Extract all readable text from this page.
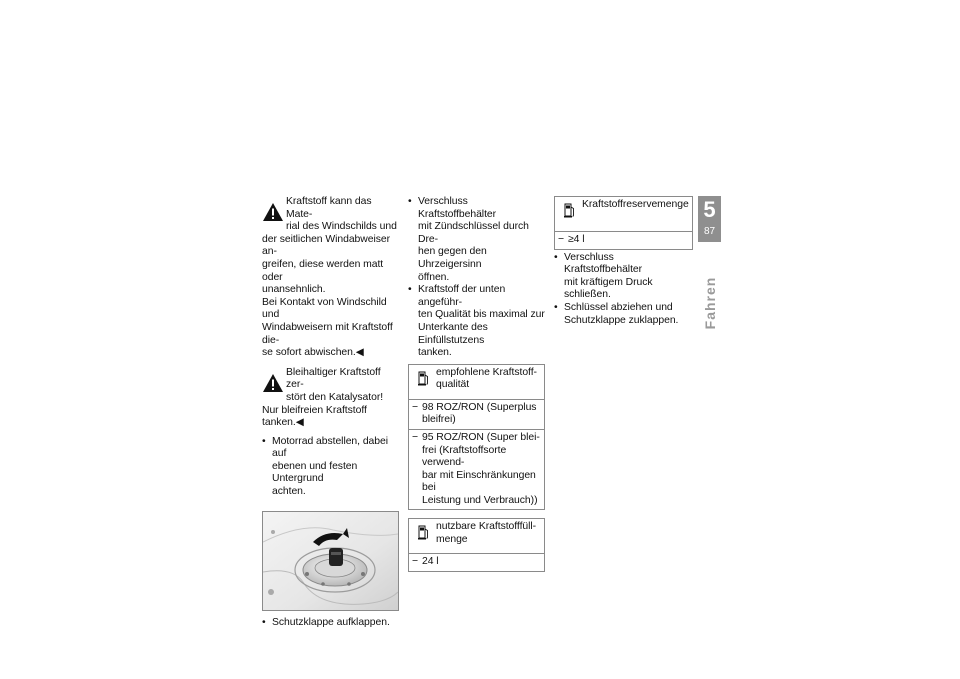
Kraftstoff kann das Mate-
rial des Windschilds und
der seitlichen Windabweiser an-
greifen, diese werden matt oder
unansehnlich.
Bei Kontakt von Windschild und
Windabweisern mit Kraftstoff die-
se sofort abwischen.◀
Bleihaltiger Kraftstoff zer-
stört den Katalysator!
Nur bleifreien Kraftstoff tanken.◀
• Motorrad abstellen, dabei auf
ebenen und festen Untergrund
achten.
• Schutzklappe aufklappen.
• Verschluss Kraftstoffbehälter
mit Zündschlüssel durch Dre-
hen gegen den Uhrzeigersinn
öffnen.
• Kraftstoff der unten angeführ-
ten Qualität bis maximal zur
Unterkante des Einfüllstutzens
tanken.
empfohlene Kraftstoff-
qualität

− 98 ROZ/RON (Superplus
bleifrei)

− 95 ROZ/RON (Super blei-
frei (Kraftstoffsorte verwend-
bar mit Einschränkungen bei
Leistung und Verbrauch))
nutzbare Kraftstofffüll-
menge

− 24 l
Kraftstoffreservemenge

− ≥4 l
• Verschluss Kraftstoffbehälter
mit kräftigem Druck schließen.
• Schlüssel abziehen und
Schutzklappe zuklappen.
5
87
Fahren
